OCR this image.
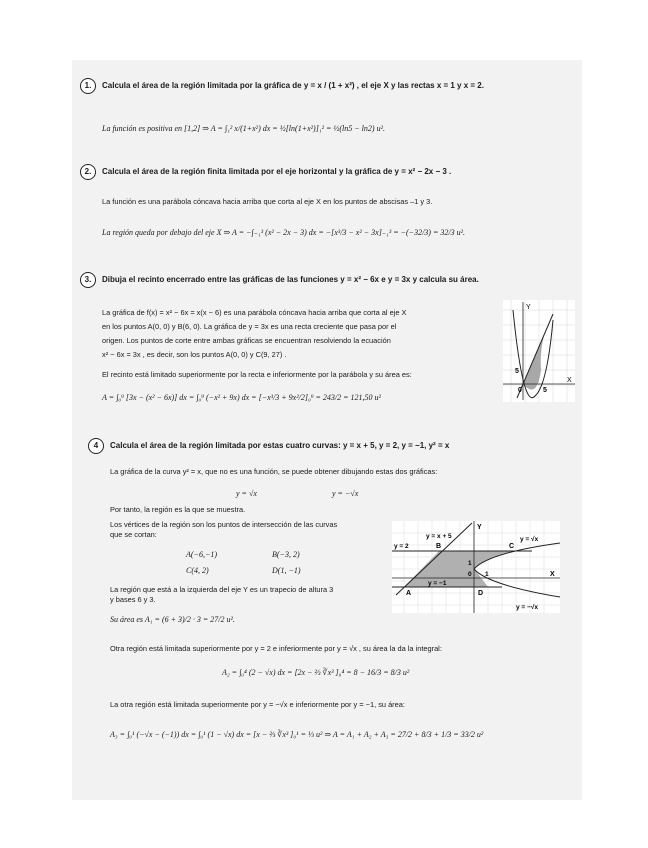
1.	Calcula el área de la región limitada por la gráfica de y = x / (1 + x²) , el eje X y las rectas x = 1 y x = 2.
La función es positiva en [1,2] ⇒ A = ∫₁² x/(1+x²) dx = ½[ln(1+x²)]₁² = ½(ln5 − ln2) u².
2.	Calcula el área de la región finita limitada por el eje horizontal y la gráfica de y = x² − 2x − 3 .
La función es una parábola cóncava hacia arriba que corta al eje X en los puntos de abscisas –1 y 3.
La región queda por debajo del eje X ⇒ A = −∫₋₁³ (x² − 2x − 3) dx = −[x³/3 − x² − 3x]₋₁³ = −(−32/3) = 32/3 u².
3.	Dibuja el recinto encerrado entre las gráficas de las funciones y = x² − 6x e y = 3x y calcula su área.
La gráfica de f(x) = x² − 6x = x(x − 6) es una parábola cóncava hacia arriba que corta al eje X
en los puntos A(0, 0) y B(6, 0). La gráfica de y = 3x es una recta creciente que pasa por el
origen. Los puntos de corte entre ambas gráficas se encuentran resolviendo la ecuación
x² − 6x = 3x , es decir, son los puntos A(0, 0) y C(9, 27) .
El recinto está limitado superiormente por la recta e inferiormente por la parábola y su área es:
A = ∫₀⁹ [3x − (x² − 6x)] dx = ∫₀⁹ (−x² + 9x) dx = [−x³/3 + 9x²/2]₀⁹ = 243/2 = 121,50 u²
Y
X
5
5
0
4	Calcula el área de la región limitada por estas cuatro curvas: y = x + 5, y = 2, y = −1, y² = x
La gráfica de la curva y² = x, que no es una función, se puede obtener dibujando estas dos gráficas:
y = √x	y = −√x
Por tanto, la región es la que se muestra.
Los vértices de la región son los puntos de intersección de las curvas
que se cortan:
A(−6,−1)	B(−3, 2)
C(4, 2)	D(1, −1)
La región que está a la izquierda del eje Y es un trapecio de altura 3
y bases 6 y 3.
Su área es A₁ = (6 + 3)/2 · 3 = 27/2 u².
Otra región está limitada superiormente por y = 2 e inferiormente por y = √x , su área la da la integral:
A₂ = ∫₀⁴ (2 − √x) dx = [2x − ⅔ ∛x³ ]₀⁴ = 8 − 16/3 = 8/3 u²
La otra región está limitada superiormente por y = −√x e inferiormente por y = −1, su área:
A₃ = ∫₀¹ (−√x − (−1)) dx = ∫₀¹ (1 − √x) dx = [x − ⅔ ∛x³ ]₀¹ = ⅓ u² ⇒ A = A₁ + A₂ + A₃ = 27/2 + 8/3 + 1/3 = 33/2 u²
Y
X
y = x + 5
y = 2
y = −1
y = √x
y = −√x
B	C
A	D
1
0 1
